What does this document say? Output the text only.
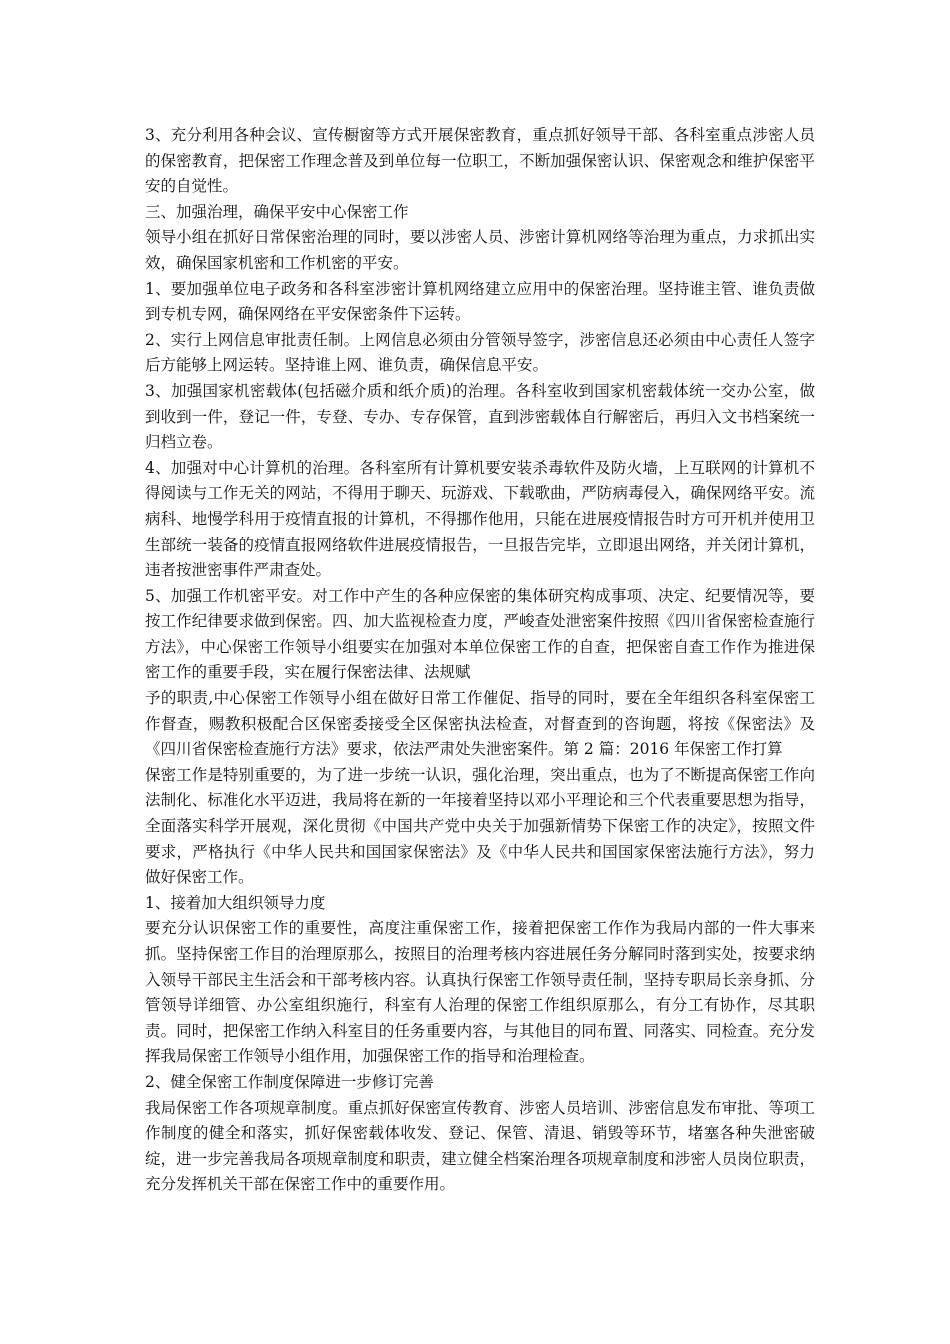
3、充分利用各种会议、宣传橱窗等方式开展保密教育，重点抓好领导干部、各科室重点涉密人员的保密教育，把保密工作理念普及到单位每一位职工，不断加强保密认识、保密观念和维护保密平安的自觉性。

三、加强治理，确保平安中心保密工作

领导小组在抓好日常保密治理的同时，要以涉密人员、涉密计算机网络等治理为重点，力求抓出实效，确保国家机密和工作机密的平安。

1、要加强单位电子政务和各科室涉密计算机网络建立应用中的保密治理。坚持谁主管、谁负责做到专机专网，确保网络在平安保密条件下运转。

2、实行上网信息审批责任制。上网信息必须由分管领导签字，涉密信息还必须由中心责任人签字后方能够上网运转。坚持谁上网、谁负责，确保信息平安。

3、加强国家机密载体(包括磁介质和纸介质)的治理。各科室收到国家机密载体统一交办公室，做到收到一件，登记一件，专登、专办、专存保管，直到涉密载体自行解密后，再归入文书档案统一归档立卷。

4、加强对中心计算机的治理。各科室所有计算机要安装杀毒软件及防火墙，上互联网的计算机不得阅读与工作无关的网站，不得用于聊天、玩游戏、下载歌曲，严防病毒侵入，确保网络平安。流病科、地慢学科用于疫情直报的计算机，不得挪作他用，只能在进展疫情报告时方可开机并使用卫生部统一装备的疫情直报网络软件进展疫情报告，一旦报告完毕，立即退出网络，并关闭计算机，违者按泄密事件严肃查处。

5、加强工作机密平安。对工作中产生的各种应保密的集体研究构成事项、决定、纪要情况等，要按工作纪律要求做到保密。四、加大监视检查力度，严峻查处泄密案件按照《四川省保密检查施行方法》，中心保密工作领导小组要实在加强对本单位保密工作的自查，把保密自查工作作为推进保密工作的重要手段，实在履行保密法律、法规赋

予的职责,中心保密工作领导小组在做好日常工作催促、指导的同时，要在全年组织各科室保密工作督查，赐教积极配合区保密委接受全区保密执法检查，对督查到的咨询题，将按《保密法》及《四川省保密检查施行方法》要求，依法严肃处失泄密案件。第 2 篇：2016 年保密工作打算

保密工作是特别重要的，为了进一步统一认识，强化治理，突出重点，也为了不断提高保密工作向法制化、标准化水平迈进，我局将在新的一年接着坚持以邓小平理论和三个代表重要思想为指导，全面落实科学开展观，深化贯彻《中国共产党中央关于加强新情势下保密工作的决定》，按照文件要求，严格执行《中华人民共和国国家保密法》及《中华人民共和国国家保密法施行方法》，努力做好保密工作。

1、接着加大组织领导力度

要充分认识保密工作的重要性，高度注重保密工作，接着把保密工作作为我局内部的一件大事来抓。坚持保密工作目的治理原那么，按照目的治理考核内容进展任务分解同时落到实处，按要求纳入领导干部民主生活会和干部考核内容。认真执行保密工作领导责任制，坚持专职局长亲身抓、分管领导详细管、办公室组织施行，科室有人治理的保密工作组织原那么，有分工有协作，尽其职责。同时，把保密工作纳入科室目的任务重要内容，与其他目的同布置、同落实、同检查。充分发挥我局保密工作领导小组作用，加强保密工作的指导和治理检查。

2、健全保密工作制度保障进一步修订完善

我局保密工作各项规章制度。重点抓好保密宣传教育、涉密人员培训、涉密信息发布审批、等项工作制度的健全和落实，抓好保密载体收发、登记、保管、清退、销毁等环节，堵塞各种失泄密破绽，进一步完善我局各项规章制度和职责，建立健全档案治理各项规章制度和涉密人员岗位职责，充分发挥机关干部在保密工作中的重要作用。
